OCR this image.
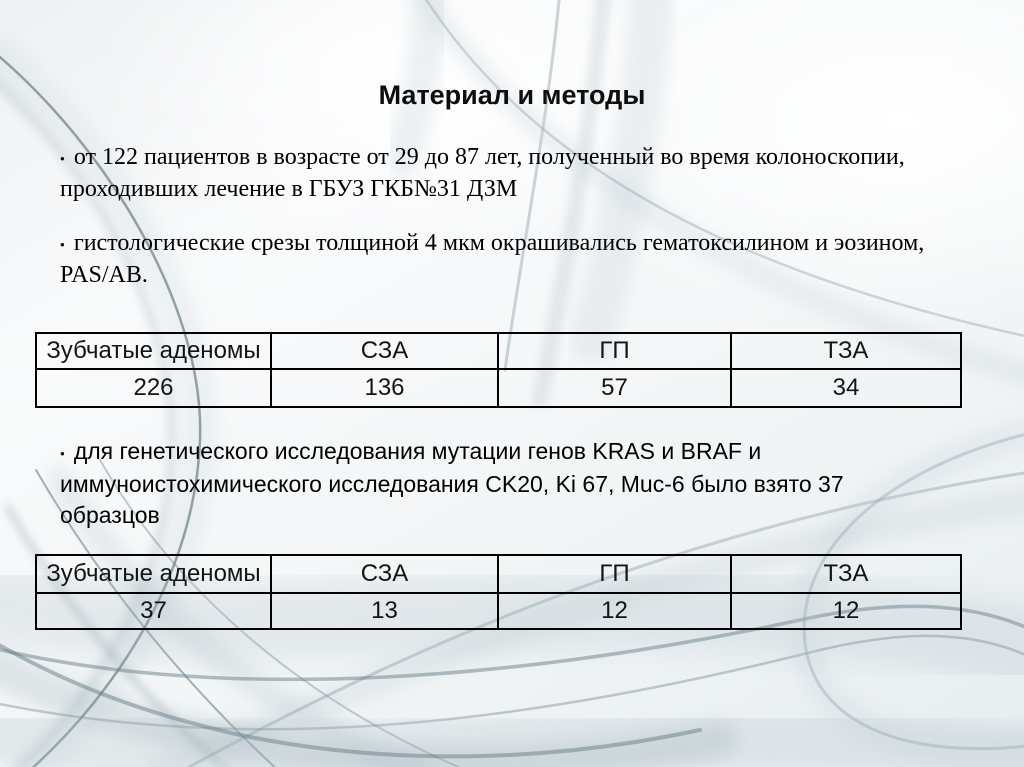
Материал и методы
● от 122 пациентов в возрасте от 29 до 87 лет, полученный во время колоноскопии,
проходивших лечение в ГБУЗ ГКБ№31 ДЗМ
● гистологические срезы толщиной 4 мкм окрашивались гематоксилином и эозином,
PAS/AB.
Зубчатые аденомы	СЗА	ГП	ТЗА
226	136	57	34
● для генетического исследования мутации генов KRAS и BRAF и
иммуноистохимического исследования CK20, Ki 67, Muc-6 было взято 37
образцов
Зубчатые аденомы	СЗА	ГП	ТЗА
37	13	12	12
